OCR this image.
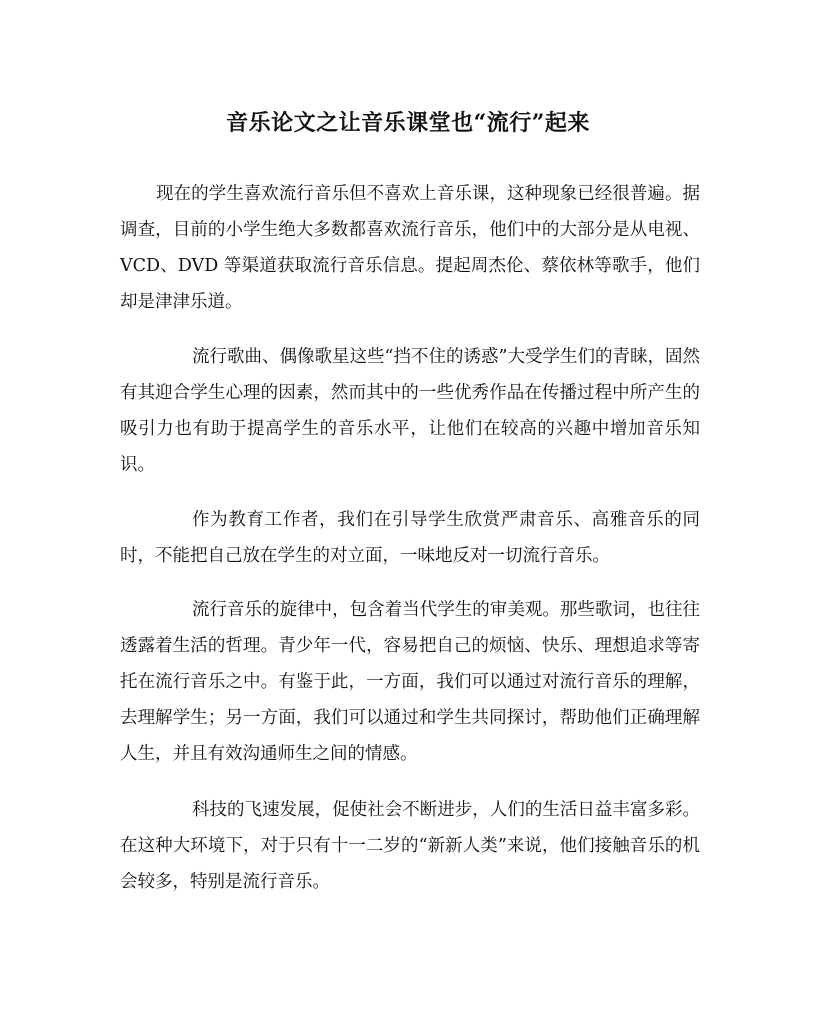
音乐论文之让音乐课堂也“流行”起来

现在的学生喜欢流行音乐但不喜欢上音乐课，这种现象已经很普遍。据调查，目前的小学生绝大多数都喜欢流行音乐，他们中的大部分是从电视、VCD、DVD 等渠道获取流行音乐信息。提起周杰伦、蔡依林等歌手，他们却是津津乐道。

流行歌曲、偶像歌星这些“挡不住的诱惑”大受学生们的青睐，固然有其迎合学生心理的因素，然而其中的一些优秀作品在传播过程中所产生的吸引力也有助于提高学生的音乐水平，让他们在较高的兴趣中增加音乐知识。

作为教育工作者，我们在引导学生欣赏严肃音乐、高雅音乐的同时，不能把自己放在学生的对立面，一味地反对一切流行音乐。

流行音乐的旋律中，包含着当代学生的审美观。那些歌词，也往往透露着生活的哲理。青少年一代，容易把自己的烦恼、快乐、理想追求等寄托在流行音乐之中。有鉴于此，一方面，我们可以通过对流行音乐的理解，去理解学生；另一方面，我们可以通过和学生共同探讨，帮助他们正确理解人生，并且有效沟通师生之间的情感。

科技的飞速发展，促使社会不断进步，人们的生活日益丰富多彩。在这种大环境下，对于只有十一二岁的“新新人类”来说，他们接触音乐的机会较多，特别是流行音乐。
